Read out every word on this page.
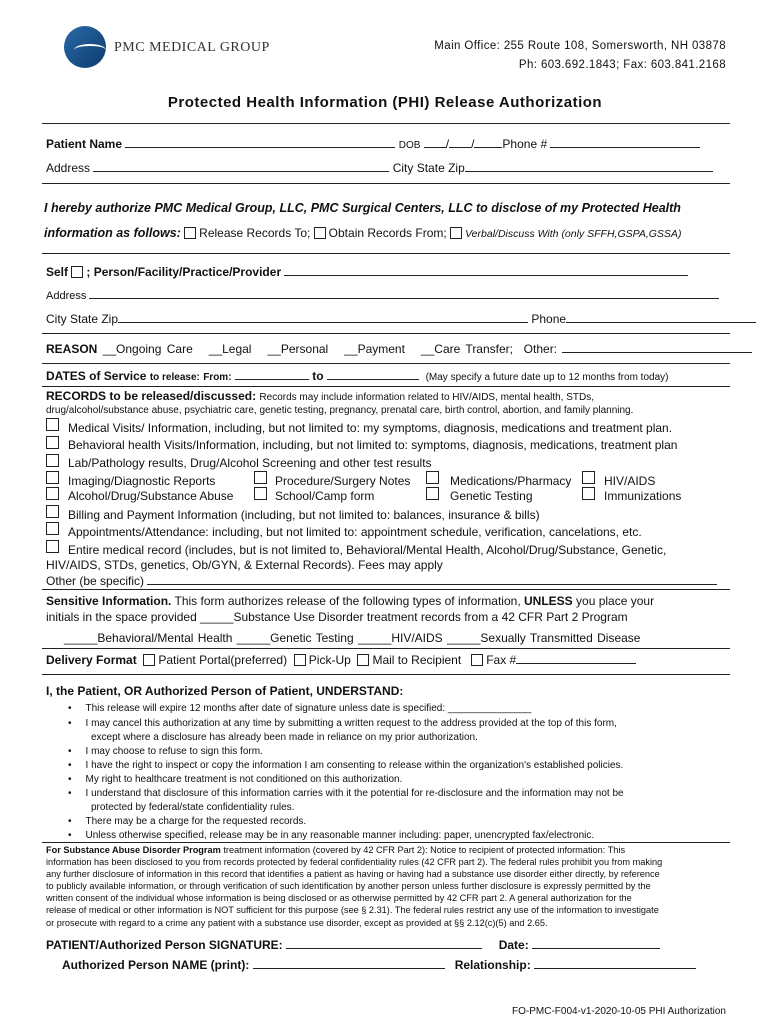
PMC MEDICAL GROUP	Main Office: 255 Route 108, Somersworth, NH 03878
Ph: 603.692.1843; Fax: 603.841.2168
Protected Health Information (PHI) Release Authorization
Patient Name	DOB / / Phone #
Address	City State Zip
I hereby authorize PMC Medical Group, LLC, PMC Surgical Centers, LLC to disclose of my Protected Health
information as follows: Release Records To; Obtain Records From; Verbal/Discuss With (only SFFH,GSPA,GSSA)
Self ; Person/Facility/Practice/Provider
Address
City State Zip	Phone
REASON __Ongoing Care __Legal __Personal __Payment __Care Transfer; Other:
DATES of Service to release: From:	to	(May specify a future date up to 12 months from today)
RECORDS to be released/discussed: Records may include information related to HIV/AIDS, mental health, STDs,
drug/alcohol/substance abuse, psychiatric care, genetic testing, pregnancy, prenatal care, birth control, abortion, and family planning.
Medical Visits/ Information, including, but not limited to: my symptoms, diagnosis, medications and treatment plan.
Behavioral health Visits/Information, including, but not limited to: symptoms, diagnosis, medications, treatment plan
Lab/Pathology results, Drug/Alcohol Screening and other test results
Imaging/Diagnostic Reports	Procedure/Surgery Notes	Medications/Pharmacy	HIV/AIDS
Alcohol/Drug/Substance Abuse	School/Camp form	Genetic Testing	Immunizations
Billing and Payment Information (including, but not limited to: balances, insurance & bills)
Appointments/Attendance: including, but not limited to: appointment schedule, verification, cancelations, etc.
Entire medical record (includes, but is not limited to, Behavioral/Mental Health, Alcohol/Drug/Substance, Genetic,
HIV/AIDS, STDs, genetics, Ob/GYN, & External Records). Fees may apply
Other (be specific)
Sensitive Information. This form authorizes release of the following types of information, UNLESS you place your
initials in the space provided _____Substance Use Disorder treatment records from a 42 CFR Part 2 Program
_____Behavioral/Mental Health _____Genetic Testing _____HIV/AIDS _____Sexually Transmitted Disease
Delivery Format Patient Portal(preferred) Pick-Up Mail to Recipient Fax #
I, the Patient, OR Authorized Person of Patient, UNDERSTAND:
• This release will expire 12 months after date of signature unless date is specified: _______________
• I may cancel this authorization at any time by submitting a written request to the address provided at the top of this form,
except where a disclosure has already been made in reliance on my prior authorization.
• I may choose to refuse to sign this form.
• I have the right to inspect or copy the information I am consenting to release within the organization's established policies.
• My right to healthcare treatment is not conditioned on this authorization.
• I understand that disclosure of this information carries with it the potential for re-disclosure and the information may not be
protected by federal/state confidentiality rules.
• There may be a charge for the requested records.
• Unless otherwise specified, release may be in any reasonable manner including: paper, unencrypted fax/electronic.
For Substance Abuse Disorder Program treatment information (covered by 42 CFR Part 2): Notice to recipient of protected information: This
information has been disclosed to you from records protected by federal confidentiality rules (42 CFR part 2). The federal rules prohibit you from making
any further disclosure of information in this record that identifies a patient as having or having had a substance use disorder either directly, by reference
to publicly available information, or through verification of such identification by another person unless further disclosure is expressly permitted by the
written consent of the individual whose information is being disclosed or as otherwise permitted by 42 CFR part 2. A general authorization for the
release of medical or other information is NOT sufficient for this purpose (see § 2.31). The federal rules restrict any use of the information to investigate
or prosecute with regard to a crime any patient with a substance use disorder, except as provided at §§ 2.12(c)(5) and 2.65.
PATIENT/Authorized Person SIGNATURE:	Date:
Authorized Person NAME (print):	Relationship:
FO-PMC-F004-v1-2020-10-05 PHI Authorization
